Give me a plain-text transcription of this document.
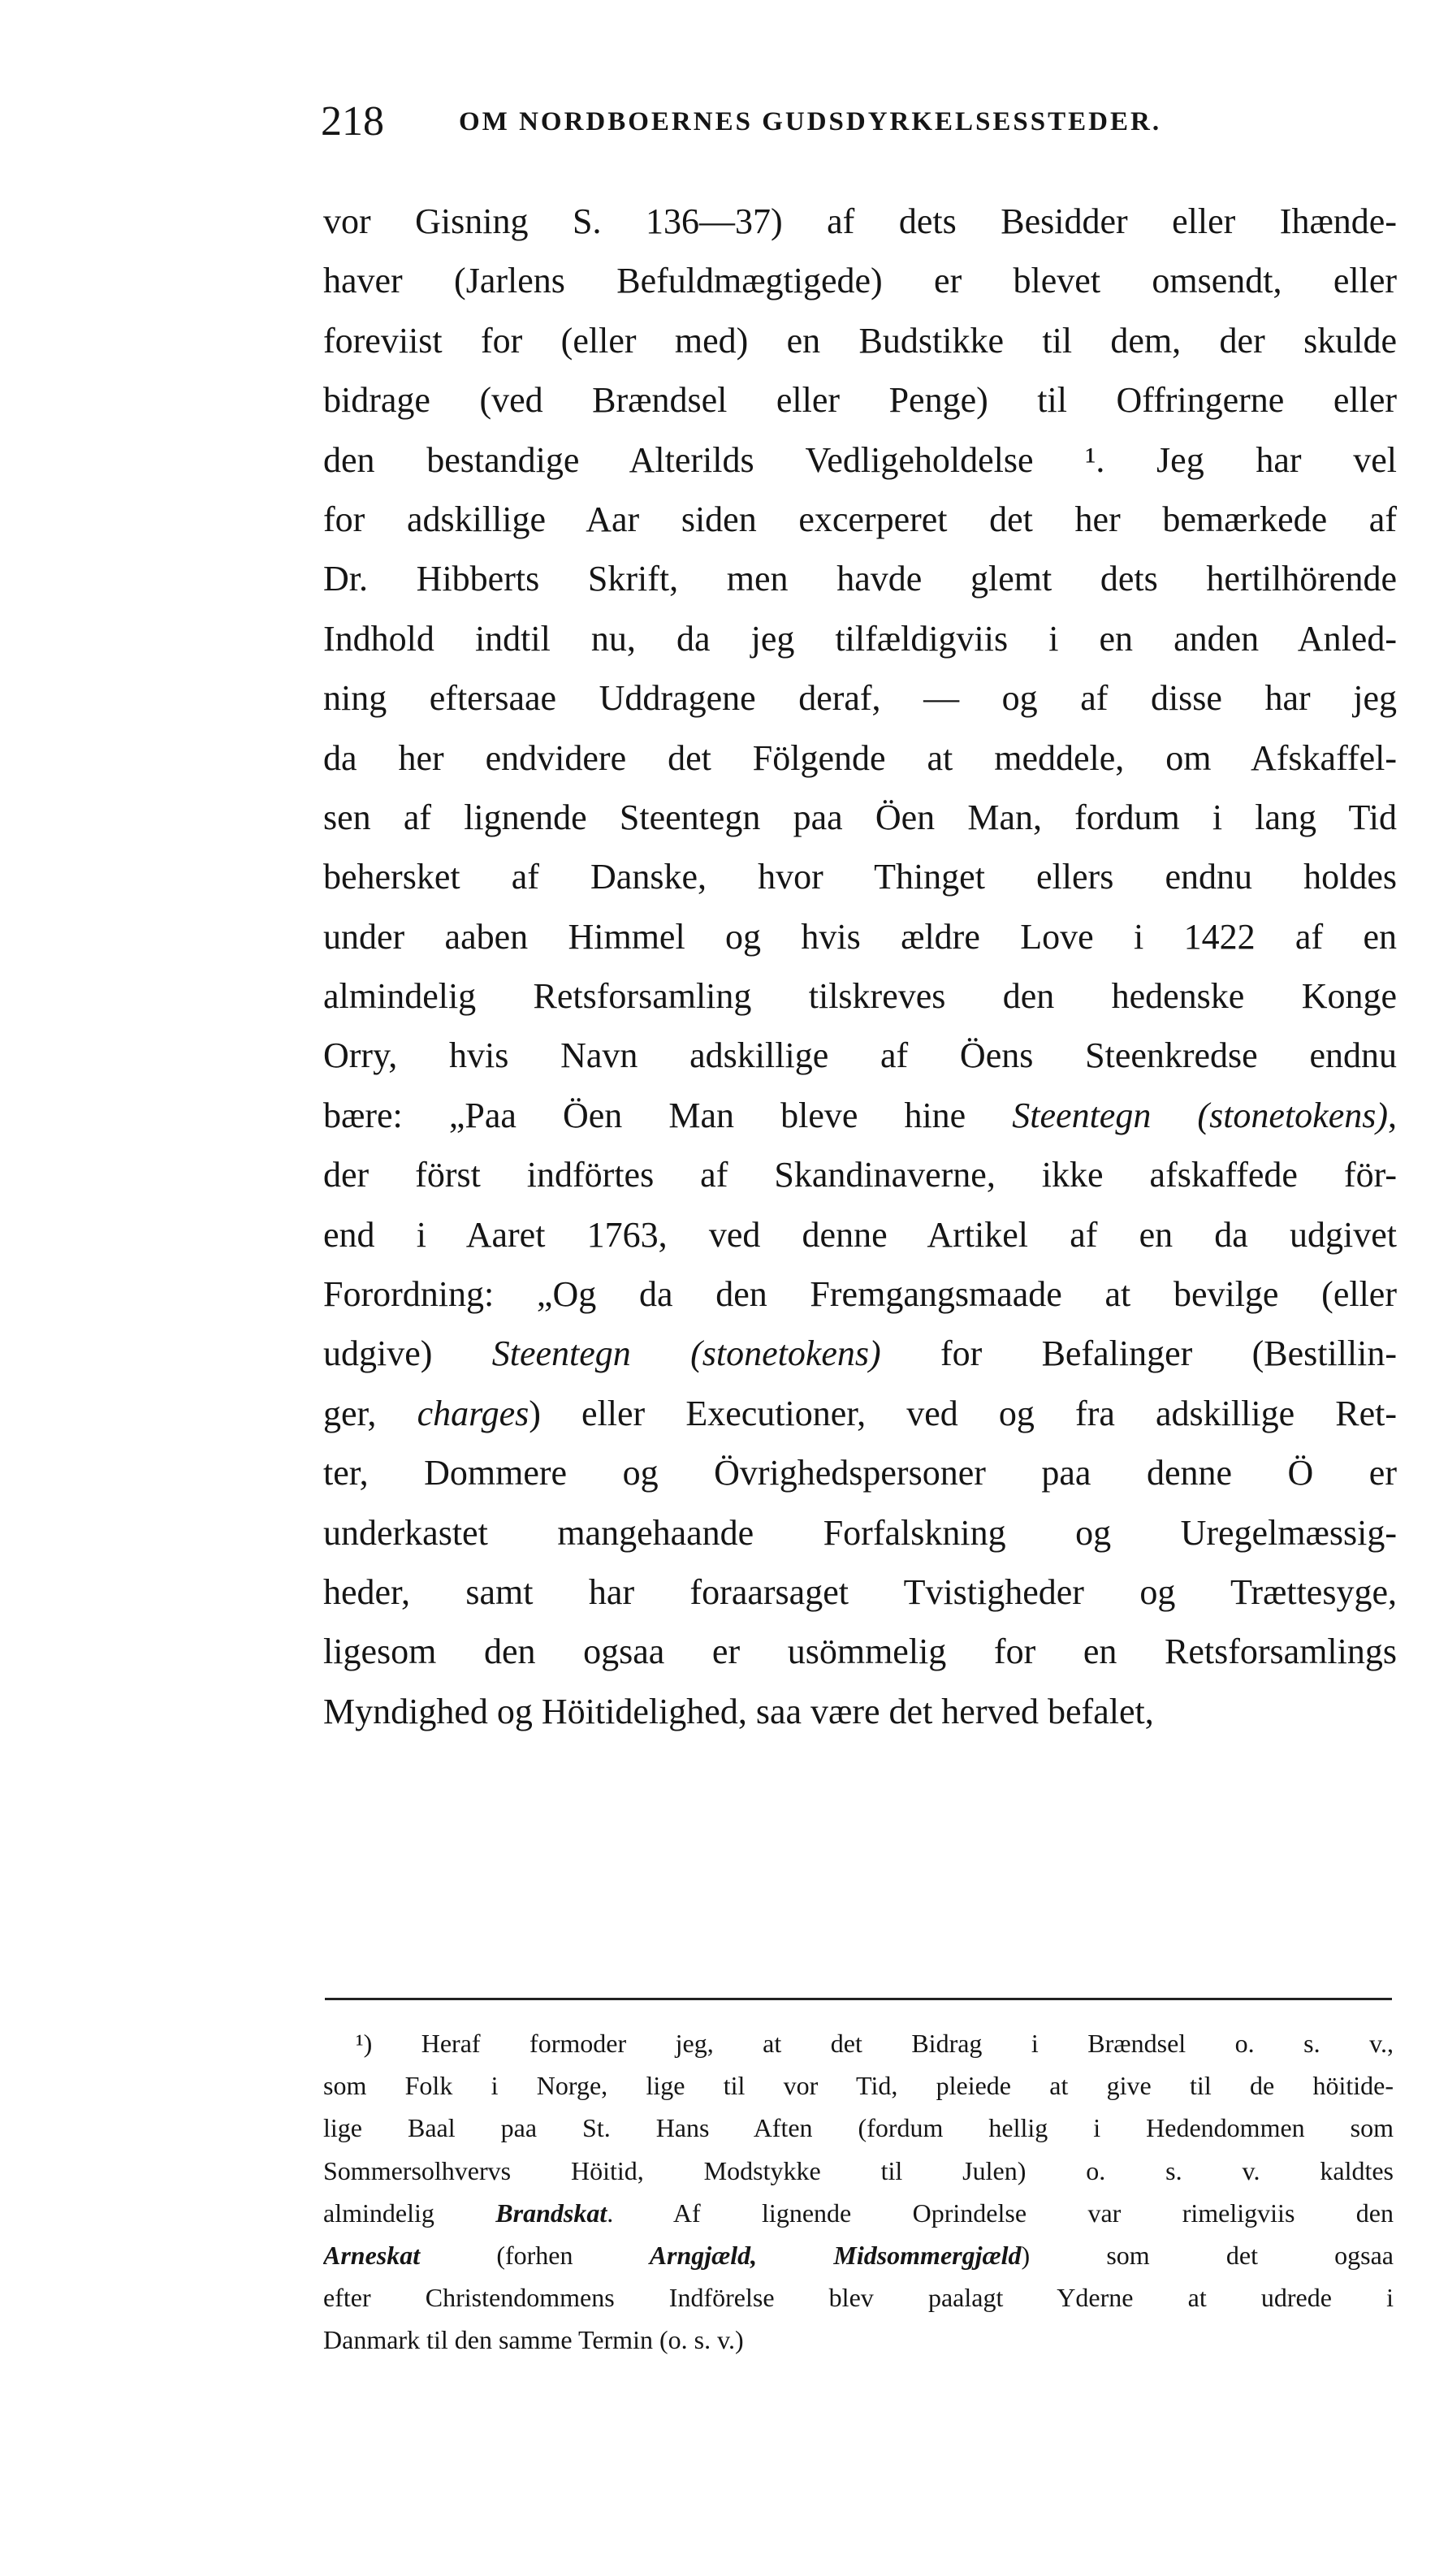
218	OM NORDBOERNES GUDSDYRKELSESSTEDER.
vor Gisning S. 136—37) af dets Besidder eller Ihænde-
haver (Jarlens Befuldmægtigede) er blevet omsendt, eller
foreviist for (eller med) en Budstikke til dem, der skulde
bidrage (ved Brændsel eller Penge) til Offringerne eller
den bestandige Alterilds Vedligeholdelse ¹. Jeg har vel
for adskillige Aar siden excerperet det her bemærkede af
Dr. Hibberts Skrift, men havde glemt dets hertilhörende
Indhold indtil nu, da jeg tilfældigviis i en anden Anled-
ning eftersaae Uddragene deraf, — og af disse har jeg
da her endvidere det Fölgende at meddele, om Afskaffel-
sen af lignende Steentegn paa Öen Man, fordum i lang Tid
behersket af Danske, hvor Thinget ellers endnu holdes
under aaben Himmel og hvis ældre Love i 1422 af en
almindelig Retsforsamling tilskreves den hedenske Konge
Orry, hvis Navn adskillige af Öens Steenkredse endnu
bære: „Paa Öen Man bleve hine Steentegn (stonetokens),
der först indförtes af Skandinaverne, ikke afskaffede för-
end i Aaret 1763, ved denne Artikel af en da udgivet
Forordning: „Og da den Fremgangsmaade at bevilge (eller
udgive) Steentegn (stonetokens) for Befalinger (Bestillin-
ger, charges) eller Executioner, ved og fra adskillige Ret-
ter, Dommere og Övrighedspersoner paa denne Ö er
underkastet mangehaande Forfalskning og Uregelmæssig-
heder, samt har foraarsaget Tvistigheder og Trættesyge,
ligesom den ogsaa er usömmelig for en Retsforsamlings
Myndighed og Höitidelighed, saa være det herved befalet,
¹) Heraf formoder jeg, at det Bidrag i Brændsel o. s. v.,
som Folk i Norge, lige til vor Tid, pleiede at give til de höitide-
lige Baal paa St. Hans Aften (fordum hellig i Hedendommen som
Sommersolhvervs Höitid, Modstykke til Julen) o. s. v. kaldtes
almindelig Brandskat. Af lignende Oprindelse var rimeligviis den
Arneskat (forhen Arngjæld, Midsommergjæld) som det ogsaa
efter Christendommens Indförelse blev paalagt Yderne at udrede i
Danmark til den samme Termin (o. s. v.)
